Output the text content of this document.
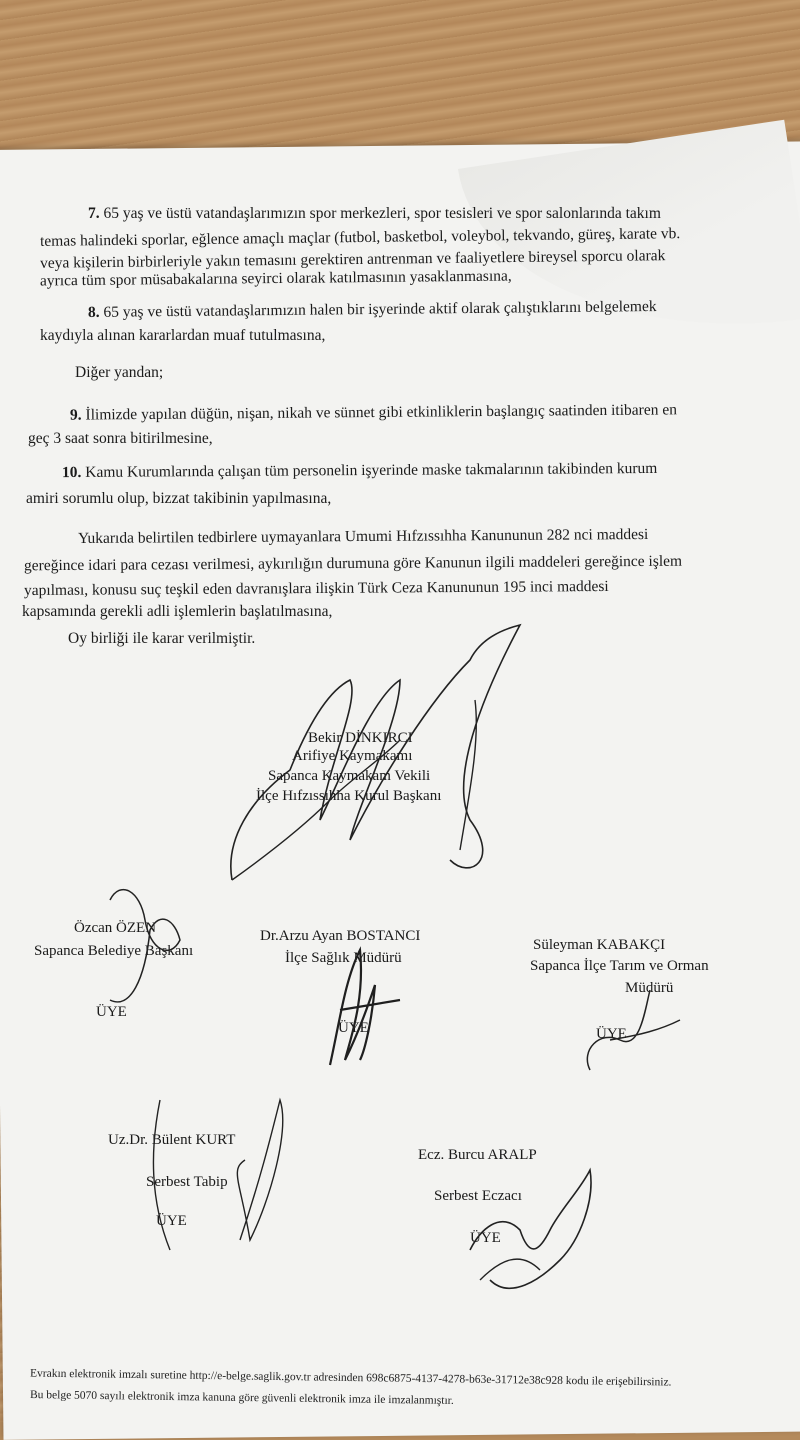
7. 65 yaş ve üstü vatandaşlarımızın spor merkezleri, spor tesisleri ve spor salonlarında takım
temas halindeki sporlar, eğlence amaçlı maçlar (futbol, basketbol, voleybol, tekvando, güreş, karate vb.
veya kişilerin birbirleriyle yakın temasını gerektiren antrenman ve faaliyetlere bireysel sporcu olarak
ayrıca tüm spor müsabakalarına seyirci olarak katılmasının yasaklanmasına,
8. 65 yaş ve üstü vatandaşlarımızın halen bir işyerinde aktif olarak çalıştıklarını belgelemek
kaydıyla alınan kararlardan muaf tutulmasına,
Diğer yandan;
9. İlimizde yapılan düğün, nişan, nikah ve sünnet gibi etkinliklerin başlangıç saatinden itibaren en
geç 3 saat sonra bitirilmesine,
10. Kamu Kurumlarında çalışan tüm personelin işyerinde maske takmalarının takibinden kurum
amiri sorumlu olup, bizzat takibinin yapılmasına,
Yukarıda belirtilen tedbirlere uymayanlara Umumi Hıfzıssıhha Kanununun 282 nci maddesi
gereğince idari para cezası verilmesi, aykırılığın durumuna göre Kanunun ilgili maddeleri gereğince işlem
yapılması, konusu suç teşkil eden davranışlara ilişkin Türk Ceza Kanununun 195 inci maddesi
kapsamında gerekli adli işlemlerin başlatılmasına,
Oy birliği ile karar verilmiştir.
Bekir DİNKIRCI
Arifiye Kaymakamı
Sapanca Kaymakam Vekili
İlçe Hıfzıssıhha Kurul Başkanı
Özcan ÖZEN
Sapanca Belediye Başkanı
ÜYE
Dr.Arzu Ayan BOSTANCI
İlçe Sağlık Müdürü
ÜYE
Süleyman KABAKÇI
Sapanca İlçe Tarım ve Orman
Müdürü
ÜYE
Uz.Dr. Bülent KURT
Serbest Tabip
ÜYE
Ecz. Burcu ARALP
Serbest Eczacı
ÜYE
Evrakın elektronik imzalı suretine http://e-belge.saglik.gov.tr adresinden 698c6875-4137-4278-b63e-31712e38c928 kodu ile erişebilirsiniz.
Bu belge 5070 sayılı elektronik imza kanuna göre güvenli elektronik imza ile imzalanmıştır.
